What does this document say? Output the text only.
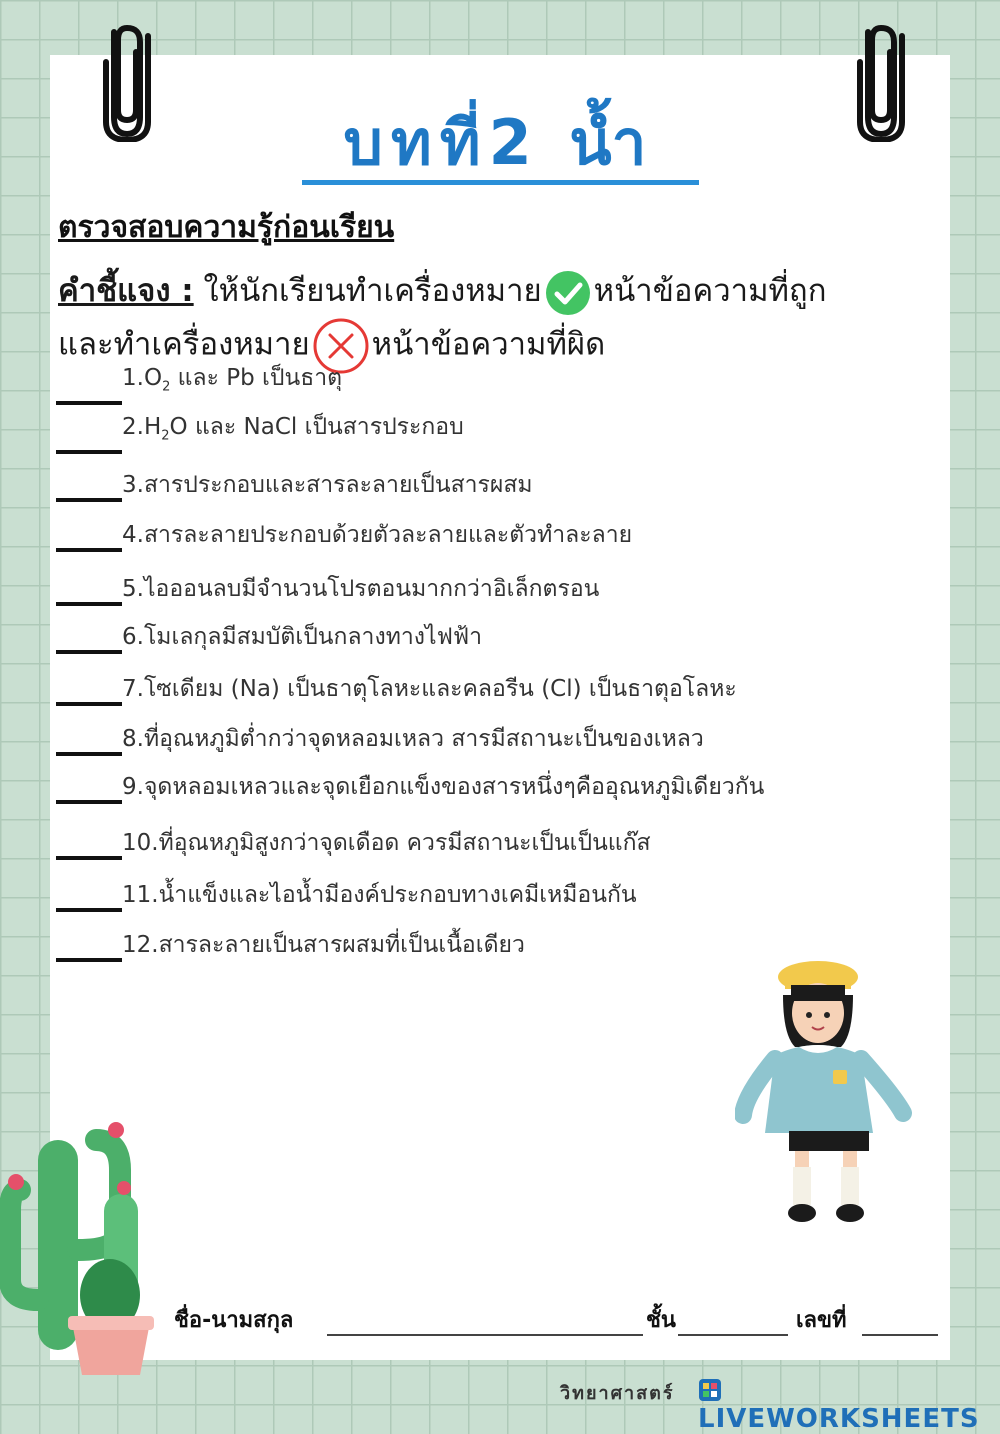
บทที่2 น้ำ
ตรวจสอบความรู้ก่อนเรียน
คำชี้แจง : ให้นักเรียนทำเครื่องหมาย หน้าข้อความที่ถูก
และทำเครื่องหมาย หน้าข้อความที่ผิด
$1.O_2$ และ Pb เป็นธาตุ
$2.H_2O$ และ NaCl เป็นสารประกอบ
3.สารประกอบและสารละลายเป็นสารผสม
4.สารละลายประกอบด้วยตัวละลายและตัวทำละลาย
5.ไอออนลบมีจำนวนโปรตอนมากกว่าอิเล็กตรอน
6.โมเลกุลมีสมบัติเป็นกลางทางไฟฟ้า
7.โซเดียม (Na) เป็นธาตุโลหะและคลอรีน (Cl) เป็นธาตุอโลหะ
8.ที่อุณหภูมิต่ำกว่าจุดหลอมเหลว สารมีสถานะเป็นของเหลว
9.จุดหลอมเหลวและจุดเยือกแข็งของสารหนึ่งๆคืออุณหภูมิเดียวกัน
10.ที่อุณหภูมิสูงกว่าจุดเดือด ควรมีสถานะเป็นเป็นแก๊ส
11.น้ำแข็งและไอน้ำมีองค์ประกอบทางเคมีเหมือนกัน
12.สารละลายเป็นสารผสมที่เป็นเนื้อเดียว
ชื่อ-นามสกุล	ชั้น	เลขที่
วิทยาศาสตร์
LIVEWORKSHEETS
